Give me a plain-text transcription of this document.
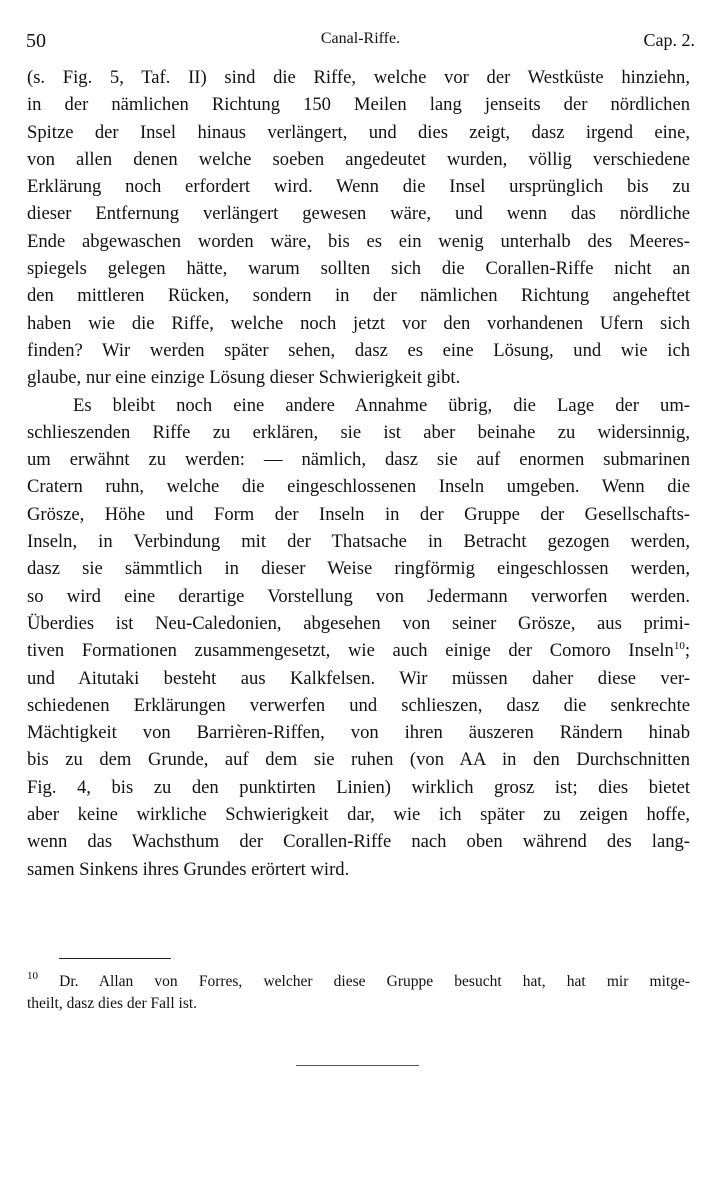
50	Canal-Riffe.	Cap. 2.
(s. Fig. 5, Taf. II) sind die Riffe, welche vor der Westküste hinziehn,
in der nämlichen Richtung 150 Meilen lang jenseits der nördlichen
Spitze der Insel hinaus verlängert, und dies zeigt, dasz irgend eine,
von allen denen welche soeben angedeutet wurden, völlig verschiedene
Erklärung noch erfordert wird. Wenn die Insel ursprünglich bis zu
dieser Entfernung verlängert gewesen wäre, und wenn das nördliche
Ende abgewaschen worden wäre, bis es ein wenig unterhalb des Meeres-
spiegels gelegen hätte, warum sollten sich die Corallen-Riffe nicht an
den mittleren Rücken, sondern in der nämlichen Richtung angeheftet
haben wie die Riffe, welche noch jetzt vor den vorhandenen Ufern sich
finden? Wir werden später sehen, dasz es eine Lösung, und wie ich
glaube, nur eine einzige Lösung dieser Schwierigkeit gibt.
Es bleibt noch eine andere Annahme übrig, die Lage der um-
schlieszenden Riffe zu erklären, sie ist aber beinahe zu widersinnig,
um erwähnt zu werden: — nämlich, dasz sie auf enormen submarinen
Cratern ruhn, welche die eingeschlossenen Inseln umgeben. Wenn die
Grösze, Höhe und Form der Inseln in der Gruppe der Gesellschafts-
Inseln, in Verbindung mit der Thatsache in Betracht gezogen werden,
dasz sie sämmtlich in dieser Weise ringförmig eingeschlossen werden,
so wird eine derartige Vorstellung von Jedermann verworfen werden.
Überdies ist Neu-Caledonien, abgesehen von seiner Grösze, aus primi-
tiven Formationen zusammengesetzt, wie auch einige der Comoro Inseln$^{10}$;
und Aitutaki besteht aus Kalkfelsen. Wir müssen daher diese ver-
schiedenen Erklärungen verwerfen und schlieszen, dasz die senkrechte
Mächtigkeit von Barrièren-Riffen, von ihren äuszeren Rändern hinab
bis zu dem Grunde, auf dem sie ruhen (von AA in den Durchschnitten
Fig. 4, bis zu den punktirten Linien) wirklich grosz ist; dies bietet
aber keine wirkliche Schwierigkeit dar, wie ich später zu zeigen hoffe,
wenn das Wachsthum der Corallen-Riffe nach oben während des lang-
samen Sinkens ihres Grundes erörtert wird.
$^{10}$ Dr. Allan von Forres, welcher diese Gruppe besucht hat, hat mir mitge-
theilt, dasz dies der Fall ist.
